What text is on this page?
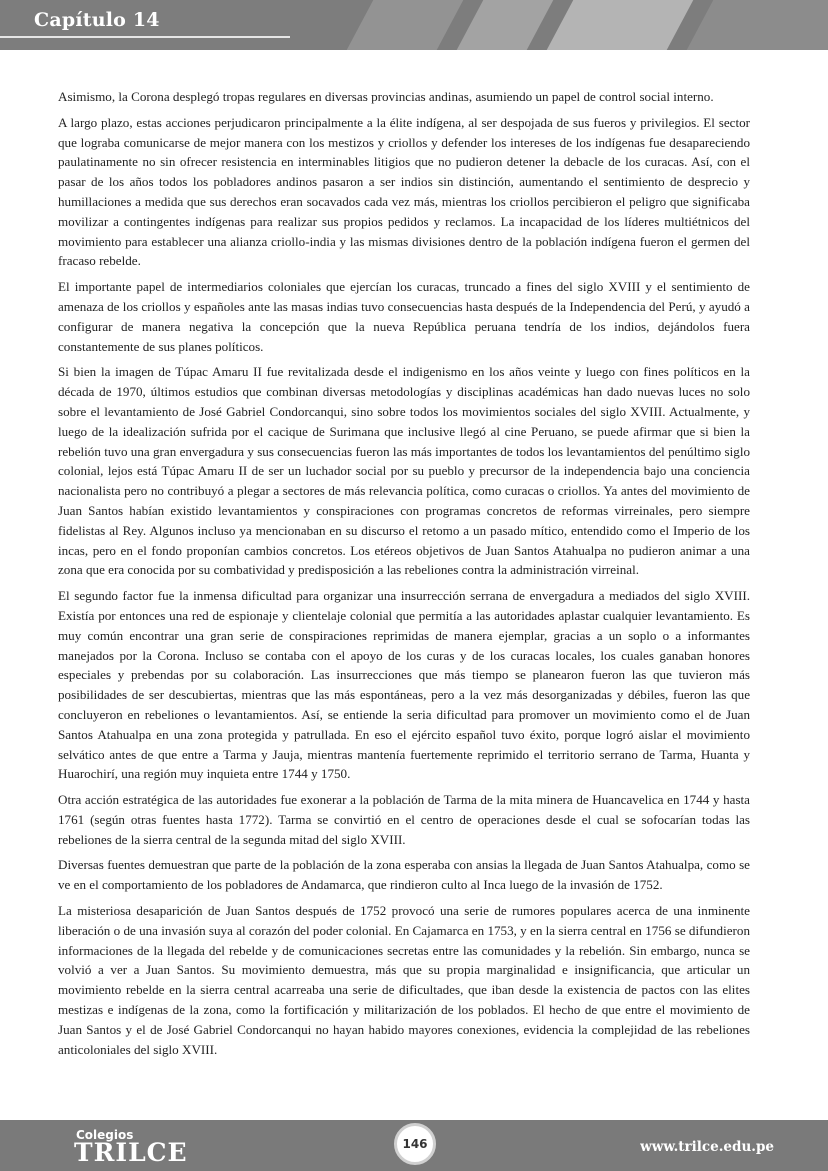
Capítulo 14

Asimismo, la Corona desplegó tropas regulares en diversas provincias andinas, asumiendo un papel de control social interno.

A largo plazo, estas acciones perjudicaron principalmente a la élite indígena, al ser despojada de sus fueros y privilegios. El sector que lograba comunicarse de mejor manera con los mestizos y criollos y defender los intereses de los indígenas fue desapareciendo paulatinamente no sin ofrecer resistencia en interminables litigios que no pudieron detener la debacle de los curacas. Así, con el pasar de los años todos los pobladores andinos pasaron a ser indios sin distinción, aumentando el sentimiento de desprecio y humillaciones a medida que sus derechos eran socavados cada vez más, mientras los criollos percibieron el peligro que significaba movilizar a contingentes indígenas para realizar sus propios pedidos y reclamos. La incapacidad de los líderes multiétnicos del movimiento para establecer una alianza criollo-india y las mismas divisiones dentro de la población indígena fueron el germen del fracaso rebelde.

El importante papel de intermediarios coloniales que ejercían los curacas, truncado a fines del siglo XVIII y el sentimiento de amenaza de los criollos y españoles ante las masas indias tuvo consecuencias hasta después de la Independencia del Perú, y ayudó a configurar de manera negativa la concepción que la nueva República peruana tendría de los indios, dejándolos fuera constantemente de sus planes políticos.

Si bien la imagen de Túpac Amaru II fue revitalizada desde el indigenismo en los años veinte y luego con fines políticos en la década de 1970, últimos estudios que combinan diversas metodologías y disciplinas académicas han dado nuevas luces no solo sobre el levantamiento de José Gabriel Condorcanqui, sino sobre todos los movimientos sociales del siglo XVIII. Actualmente, y luego de la idealización sufrida por el cacique de Surimana que inclusive llegó al cine Peruano, se puede afirmar que si bien la rebelión tuvo una gran envergadura y sus consecuencias fueron las más importantes de todos los levantamientos del penúltimo siglo colonial, lejos está Túpac Amaru II de ser un luchador social por su pueblo y precursor de la independencia bajo una conciencia nacionalista pero no contribuyó a plegar a sectores de más relevancia política, como curacas o criollos. Ya antes del movimiento de Juan Santos habían existido levantamientos y conspiraciones con programas concretos de reformas virreinales, pero siempre fidelistas al Rey. Algunos incluso ya mencionaban en su discurso el retomo a un pasado mítico, entendido como el Imperio de los incas, pero en el fondo proponían cambios concretos. Los etéreos objetivos de Juan Santos Atahualpa no pudieron animar a una zona que era conocida por su combatividad y predisposición a las rebeliones contra la administración virreinal.

El segundo factor fue la inmensa dificultad para organizar una insurrección serrana de envergadura a mediados del siglo XVIII. Existía por entonces una red de espionaje y clientelaje colonial que permitía a las autoridades aplastar cualquier levantamiento. Es muy común encontrar una gran serie de conspiraciones reprimidas de manera ejemplar, gracias a un soplo o a informantes manejados por la Corona. Incluso se contaba con el apoyo de los curas y de los curacas locales, los cuales ganaban honores especiales y prebendas por su colaboración. Las insurrecciones que más tiempo se planearon fueron las que tuvieron más posibilidades de ser descubiertas, mientras que las más espontáneas, pero a la vez más desorganizadas y débiles, fueron las que concluyeron en rebeliones o levantamientos. Así, se entiende la seria dificultad para promover un movimiento como el de Juan Santos Atahualpa en una zona protegida y patrullada. En eso el ejército español tuvo éxito, porque logró aislar el movimiento selvático antes de que entre a Tarma y Jauja, mientras mantenía fuertemente reprimido el territorio serrano de Tarma, Huanta y Huarochirí, una región muy inquieta entre 1744 y 1750.

Otra acción estratégica de las autoridades fue exonerar a la población de Tarma de la mita minera de Huancavelica en 1744 y hasta 1761 (según otras fuentes hasta 1772). Tarma se convirtió en el centro de operaciones desde el cual se sofocarían todas las rebeliones de la sierra central de la segunda mitad del siglo XVIII.

Diversas fuentes demuestran que parte de la población de la zona esperaba con ansias la llegada de Juan Santos Atahualpa, como se ve en el comportamiento de los pobladores de Andamarca, que rindieron culto al Inca luego de la invasión de 1752.

La misteriosa desaparición de Juan Santos después de 1752 provocó una serie de rumores populares acerca de una inminente liberación o de una invasión suya al corazón del poder colonial. En Cajamarca en 1753, y en la sierra central en 1756 se difundieron informaciones de la llegada del rebelde y de comunicaciones secretas entre las comunidades y la rebelión. Sin embargo, nunca se volvió a ver a Juan Santos. Su movimiento demuestra, más que su propia marginalidad e insignificancia, que articular un movimiento rebelde en la sierra central acarreaba una serie de dificultades, que iban desde la existencia de pactos con las elites mestizas e indígenas de la zona, como la fortificación y militarización de los poblados. El hecho de que entre el movimiento de Juan Santos y el de José Gabriel Condorcanqui no hayan habido mayores conexiones, evidencia la complejidad de las rebeliones anticoloniales del siglo XVIII.

Colegios
TRILCE	146	www.trilce.edu.pe
